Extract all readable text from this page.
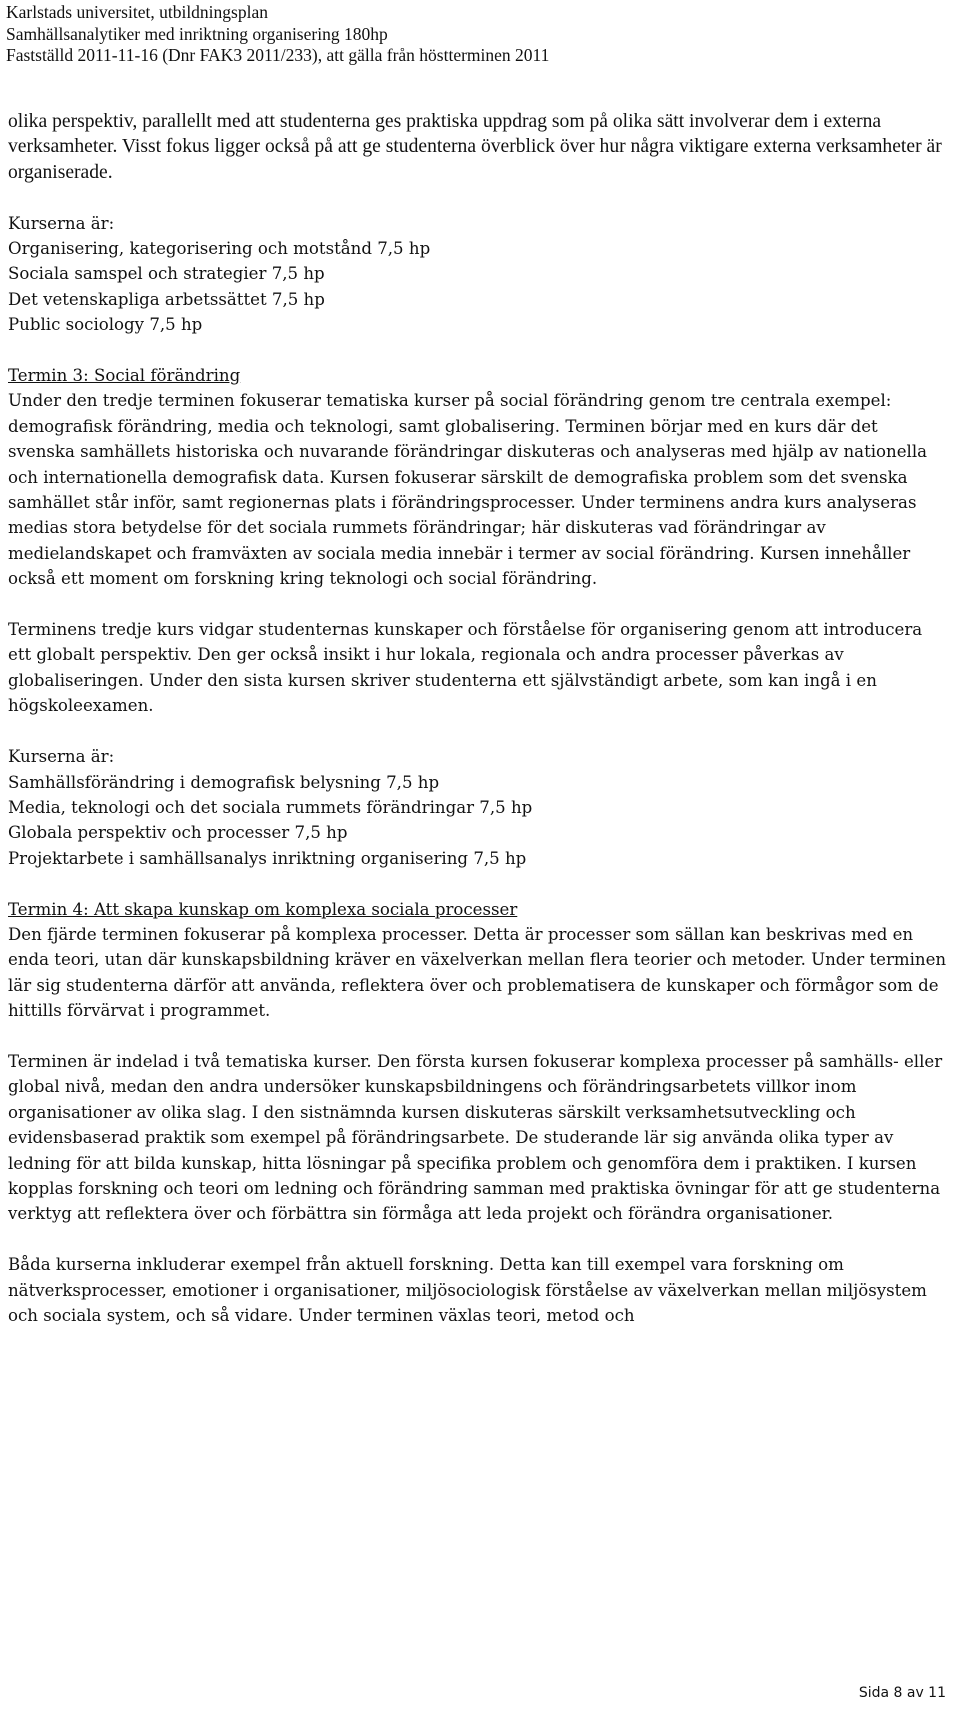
Karlstads universitet, utbildningsplan
Samhällsanalytiker med inriktning organisering 180hp
Fastställd 2011-11-16 (Dnr FAK3 2011/233), att gälla från höstterminen 2011

olika perspektiv, parallellt med att studenterna ges praktiska uppdrag som på olika sätt involverar dem i externa verksamheter. Visst fokus ligger också på att ge studenterna överblick över hur några viktigare externa verksamheter är organiserade.

Kurserna är:

Organisering, kategorisering och motstånd 7,5 hp

Sociala samspel och strategier 7,5 hp

Det vetenskapliga arbetssättet 7,5 hp

Public sociology 7,5 hp

Termin 3: Social förändring

Under den tredje terminen fokuserar tematiska kurser på social förändring genom tre centrala exempel: demografisk förändring, media och teknologi, samt globalisering. Terminen börjar med en kurs där det svenska samhällets historiska och nuvarande förändringar diskuteras och analyseras med hjälp av nationella och internationella demografisk data. Kursen fokuserar särskilt de demografiska problem som det svenska samhället står inför, samt regionernas plats i förändringsprocesser. Under terminens andra kurs analyseras medias stora betydelse för det sociala rummets förändringar; här diskuteras vad förändringar av medielandskapet och framväxten av sociala media innebär i termer av social förändring. Kursen innehåller också ett moment om forskning kring teknologi och social förändring.

Terminens tredje kurs vidgar studenternas kunskaper och förståelse för organisering genom att introducera ett globalt perspektiv. Den ger också insikt i hur lokala, regionala och andra processer påverkas av globaliseringen. Under den sista kursen skriver studenterna ett självständigt arbete, som kan ingå i en högskoleexamen.

Kurserna är:

Samhällsförändring i demografisk belysning 7,5 hp

Media, teknologi och det sociala rummets förändringar 7,5 hp

Globala perspektiv och processer 7,5 hp

Projektarbete i samhällsanalys inriktning organisering 7,5 hp

Termin 4: Att skapa kunskap om komplexa sociala processer

Den fjärde terminen fokuserar på komplexa processer. Detta är processer som sällan kan beskrivas med en enda teori, utan där kunskapsbildning kräver en växelverkan mellan flera teorier och metoder. Under terminen lär sig studenterna därför att använda, reflektera över och problematisera de kunskaper och förmågor som de hittills förvärvat i programmet.

Terminen är indelad i två tematiska kurser. Den första kursen fokuserar komplexa processer på samhälls- eller global nivå, medan den andra undersöker kunskapsbildningens och förändringsarbetets villkor inom organisationer av olika slag. I den sistnämnda kursen diskuteras särskilt verksamhetsutveckling och evidensbaserad praktik som exempel på förändringsarbete. De studerande lär sig använda olika typer av ledning för att bilda kunskap, hitta lösningar på specifika problem och genomföra dem i praktiken. I kursen kopplas forskning och teori om ledning och förändring samman med praktiska övningar för att ge studenterna verktyg att reflektera över och förbättra sin förmåga att leda projekt och förändra organisationer.

Båda kurserna inkluderar exempel från aktuell forskning. Detta kan till exempel vara forskning om nätverksprocesser, emotioner i organisationer, miljösociologisk förståelse av växelverkan mellan miljösystem och sociala system, och så vidare. Under terminen växlas teori, metod och

Sida 8 av 11
